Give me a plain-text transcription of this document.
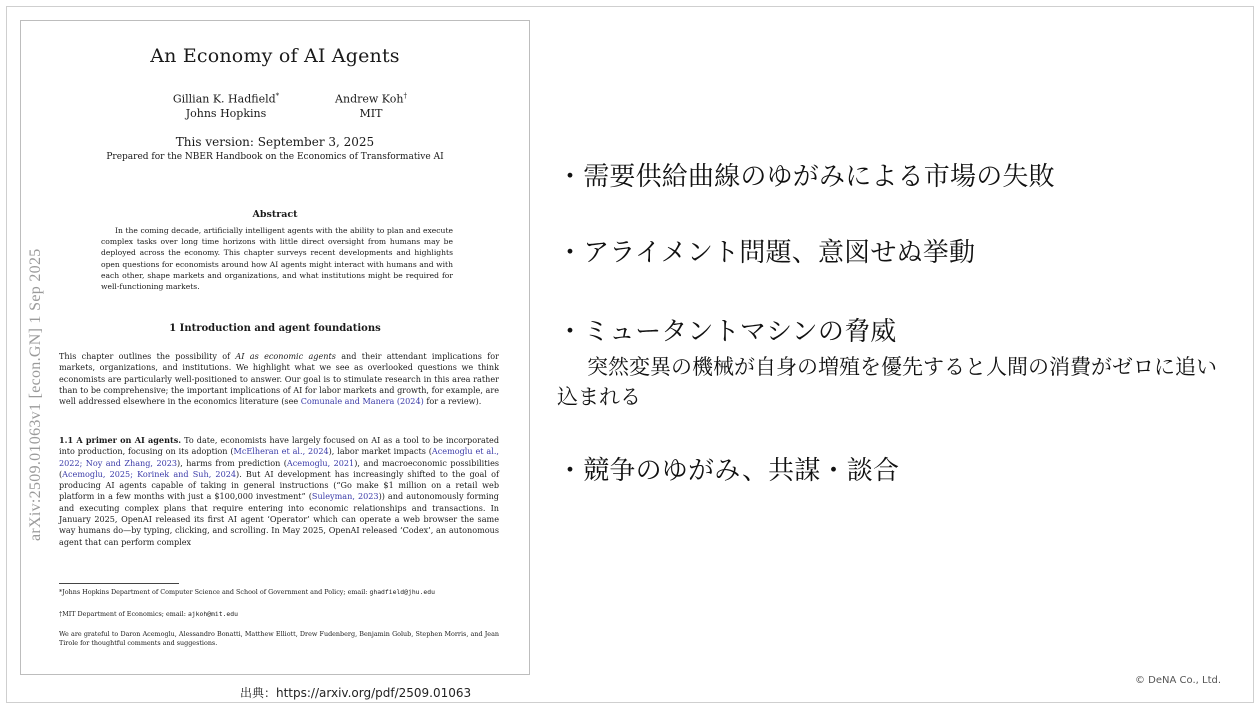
arXiv:2509.01063v1 [econ.GN] 1 Sep 2025
An Economy of AI Agents
Gillian K. Hadfield*
Johns Hopkins
Andrew Koh†
MIT
This version: September 3, 2025
Prepared for the NBER Handbook on the Economics of Transformative AI
Abstract
In the coming decade, artificially intelligent agents with the ability to plan and execute complex tasks over long time horizons with little direct oversight from humans may be deployed across the economy. This chapter surveys recent developments and highlights open questions for economists around how AI agents might interact with humans and with each other, shape markets and organizations, and what institutions might be required for well-functioning markets.
1 Introduction and agent foundations
This chapter outlines the possibility of AI as economic agents and their attendant implications for markets, organizations, and institutions. We highlight what we see as overlooked questions we think economists are particularly well-positioned to answer. Our goal is to stimulate research in this area rather than to be comprehensive; the important implications of AI for labor markets and growth, for example, are well addressed elsewhere in the economics literature (see Comunale and Manera (2024) for a review).
1.1 A primer on AI agents. To date, economists have largely focused on AI as a tool to be incorporated into production, focusing on its adoption (McElheran et al., 2024), labor market impacts (Acemoglu et al., 2022; Noy and Zhang, 2023), harms from prediction (Acemoglu, 2021), and macroeconomic possibilities (Acemoglu, 2025; Korinek and Suh, 2024). But AI development has increasingly shifted to the goal of producing AI agents capable of taking in general instructions (“Go make $1 million on a retail web platform in a few months with just a $100,000 investment” (Suleyman, 2023)) and autonomously forming and executing complex plans that require entering into economic relationships and transactions. In January 2025, OpenAI released its first AI agent ‘Operator’ which can operate a web browser the same way humans do—by typing, clicking, and scrolling. In May 2025, OpenAI released ‘Codex’, an autonomous agent that can perform complex
*Johns Hopkins Department of Computer Science and School of Government and Policy; email: ghadfield@jhu.edu
†MIT Department of Economics; email: ajkoh@mit.edu
We are grateful to Daron Acemoglu, Alessandro Bonatti, Matthew Elliott, Drew Fudenberg, Benjamin Golub, Stephen Morris, and Jean Tirole for thoughtful comments and suggestions.
・需要供給曲線のゆがみによる市場の失敗
・アライメント問題、意図せぬ挙動
・ミュータントマシンの脅威
突然変異の機械が自身の増殖を優先すると人間の消費がゼロに追い込まれる
・競争のゆがみ、共謀・談合
出典：https://arxiv.org/pdf/2509.01063
© DeNA Co., Ltd.
